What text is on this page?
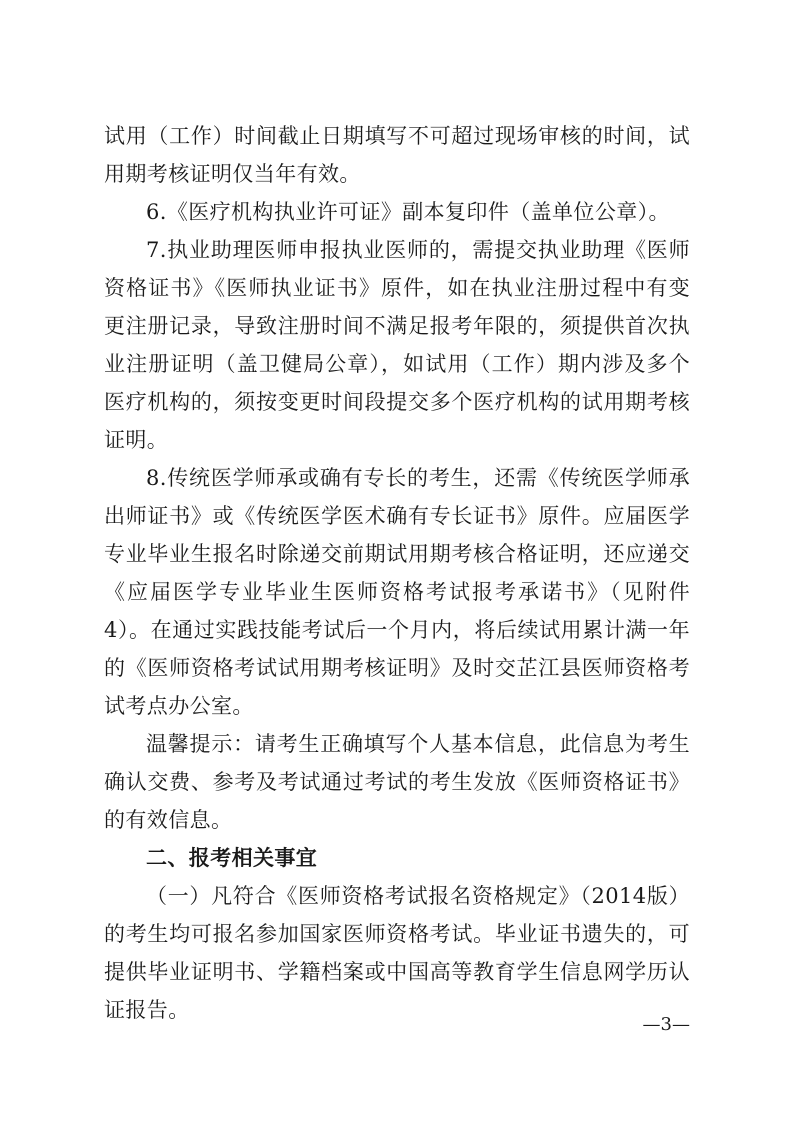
试用（工作）时间截止日期填写不可超过现场审核的时间，试
用期考核证明仅当年有效。
6.《医疗机构执业许可证》副本复印件（盖单位公章）。
7.执业助理医师申报执业医师的，需提交执业助理《医师
资格证书》《医师执业证书》原件，如在执业注册过程中有变
更注册记录，导致注册时间不满足报考年限的，须提供首次执
业注册证明（盖卫健局公章），如试用（工作）期内涉及多个
医疗机构的，须按变更时间段提交多个医疗机构的试用期考核
证明。
8.传统医学师承或确有专长的考生，还需《传统医学师承
出师证书》或《传统医学医术确有专长证书》原件。应届医学
专业毕业生报名时除递交前期试用期考核合格证明，还应递交
《应届医学专业毕业生医师资格考试报考承诺书》（见附件
4）。在通过实践技能考试后一个月内，将后续试用累计满一年
的《医师资格考试试用期考核证明》及时交芷江县医师资格考
试考点办公室。
温馨提示：请考生正确填写个人基本信息，此信息为考生
确认交费、参考及考试通过考试的考生发放《医师资格证书》
的有效信息。
二、报考相关事宜
（一）凡符合《医师资格考试报名资格规定》（2014版）
的考生均可报名参加国家医师资格考试。毕业证书遗失的，可
提供毕业证明书、学籍档案或中国高等教育学生信息网学历认
证报告。
—3—
